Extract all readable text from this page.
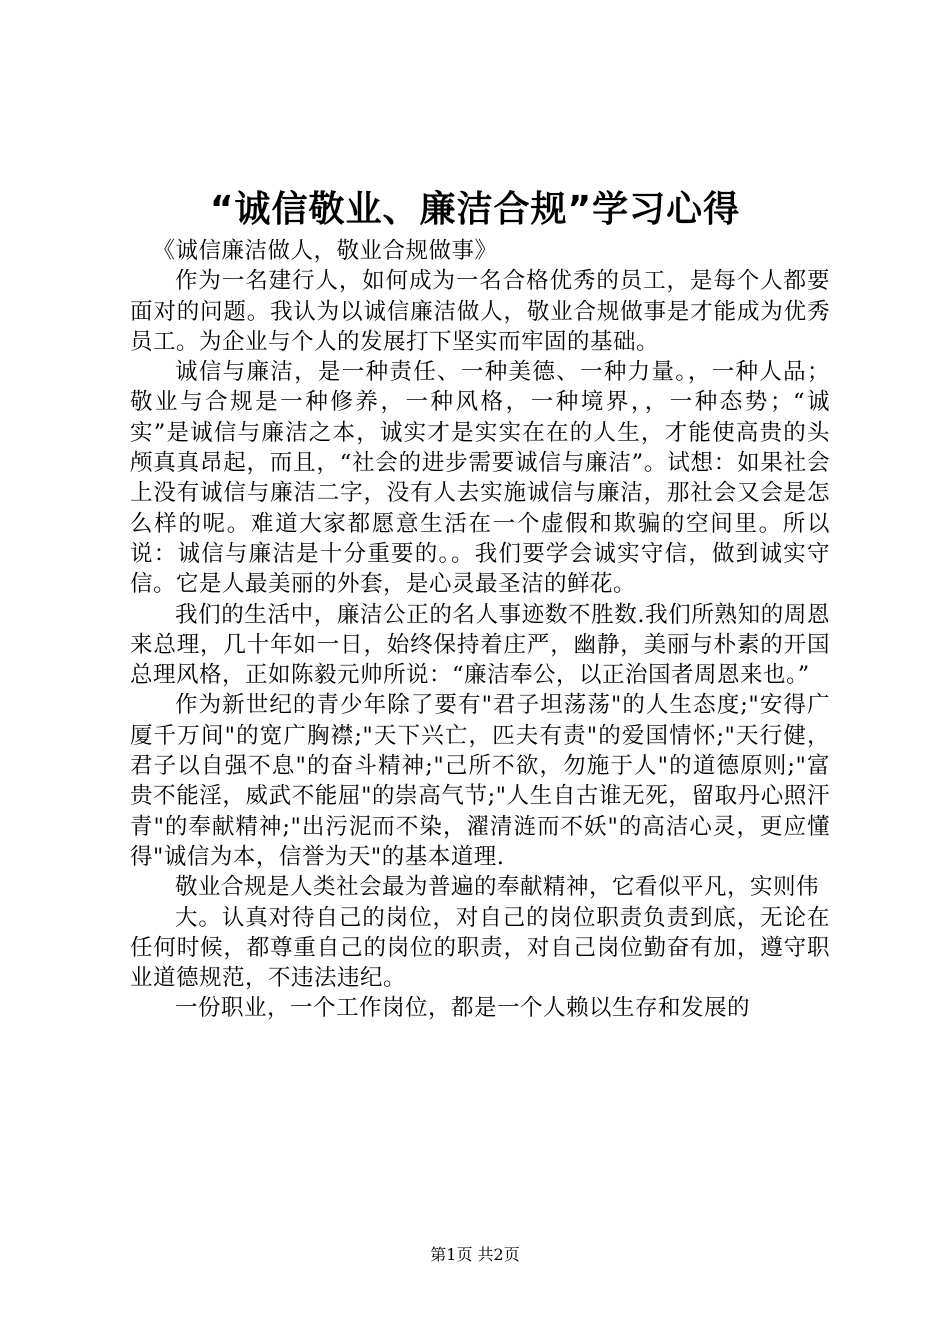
“诚信敬业、廉洁合规”学习心得

《诚信廉洁做人，敬业合规做事》

作为一名建行人，如何成为一名合格优秀的员工，是每个人都要面对的问题。我认为以诚信廉洁做人，敬业合规做事是才能成为优秀员工。为企业与个人的发展打下坚实而牢固的基础。

诚信与廉洁，是一种责任、一种美德、一种力量。，一种人品；敬业与合规是一种修养，一种风格，一种境界，，一种态势；“诚实”是诚信与廉洁之本，诚实才是实实在在的人生，才能使高贵的头颅真真昂起，而且，“社会的进步需要诚信与廉洁”。试想：如果社会上没有诚信与廉洁二字，没有人去实施诚信与廉洁，那社会又会是怎么样的呢。难道大家都愿意生活在一个虚假和欺骗的空间里。所以说：诚信与廉洁是十分重要的。。我们要学会诚实守信，做到诚实守信。它是人最美丽的外套，是心灵最圣洁的鲜花。

我们的生活中，廉洁公正的名人事迹数不胜数.我们所熟知的周恩来总理，几十年如一日，始终保持着庄严，幽静，美丽与朴素的开国总理风格，正如陈毅元帅所说：“廉洁奉公，以正治国者周恩来也。”

作为新世纪的青少年除了要有"君子坦荡荡"的人生态度;"安得广厦千万间"的宽广胸襟;"天下兴亡，匹夫有责"的爱国情怀;"天行健，君子以自强不息"的奋斗精神;"己所不欲，勿施于人"的道德原则;"富贵不能淫，威武不能屈"的崇高气节;"人生自古谁无死，留取丹心照汗青"的奉献精神;"出污泥而不染，濯清涟而不妖"的高洁心灵，更应懂得"诚信为本，信誉为天"的基本道理.

敬业合规是人类社会最为普遍的奉献精神，它看似平凡，实则伟

大。认真对待自己的岗位，对自己的岗位职责负责到底，无论在任何时候，都尊重自己的岗位的职责，对自己岗位勤奋有加，遵守职业道德规范，不违法违纪。

一份职业，一个工作岗位，都是一个人赖以生存和发展的

第1页 共2页
